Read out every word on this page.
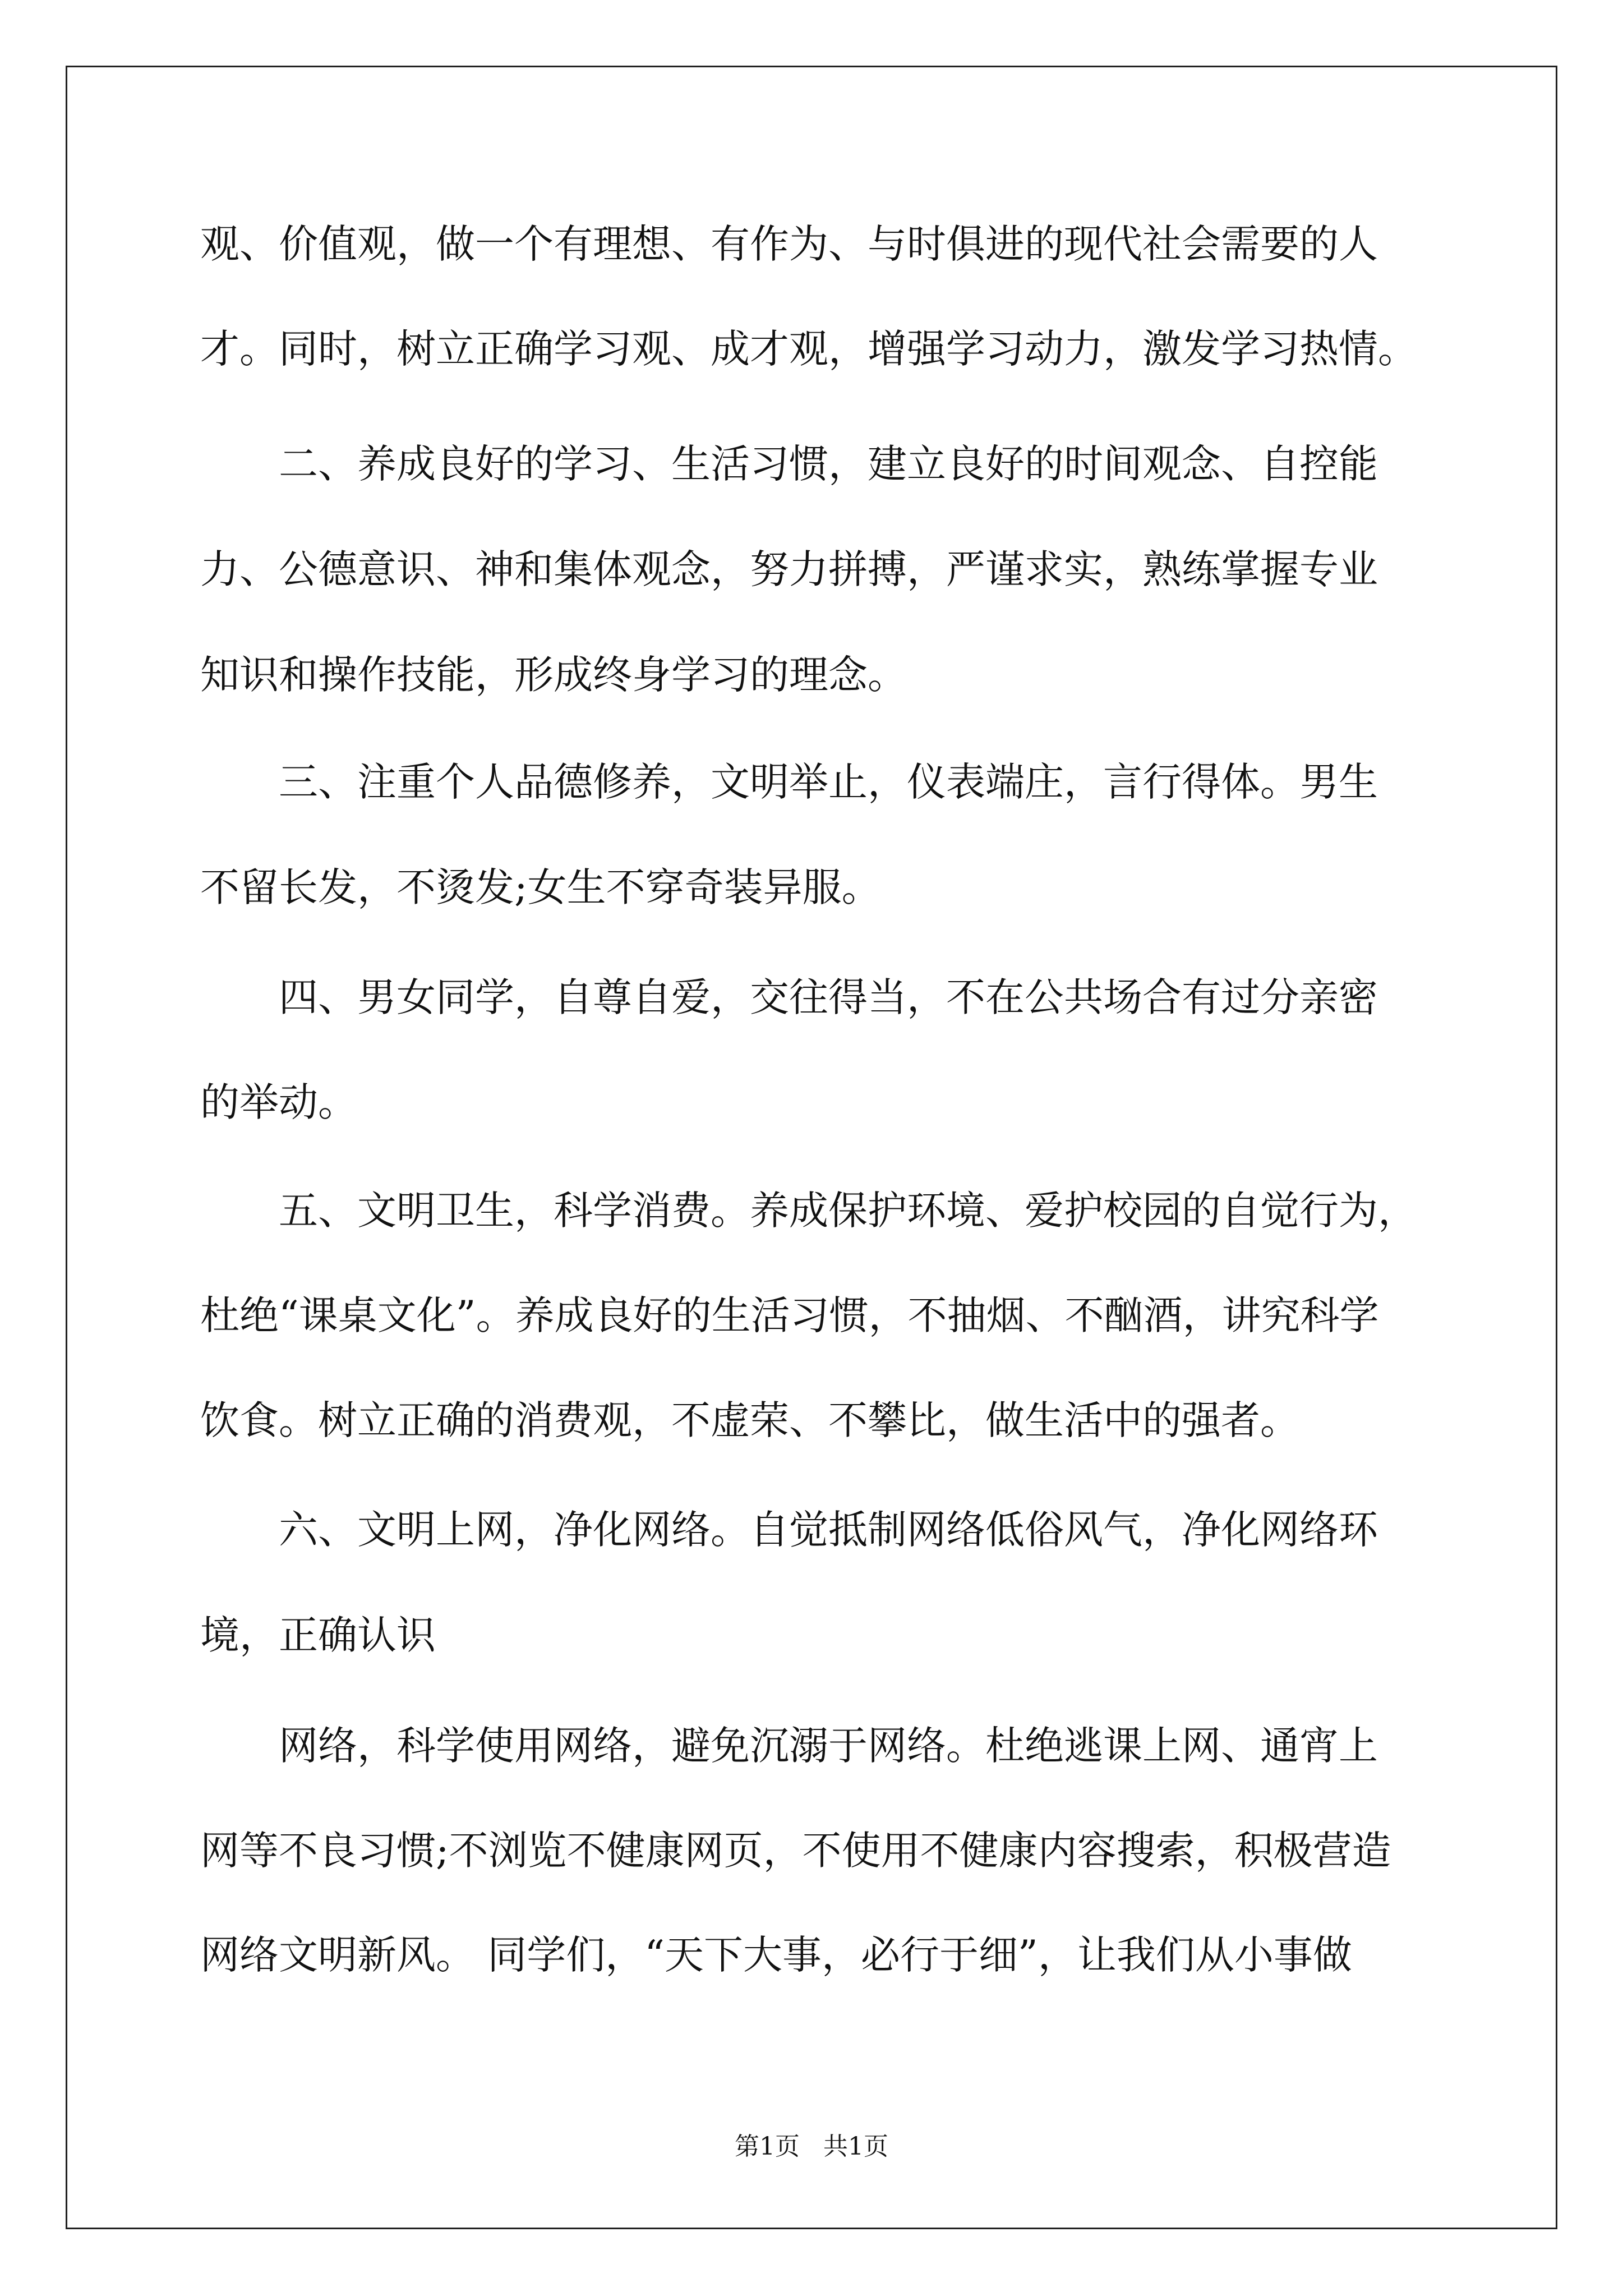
观、价值观，做一个有理想、有作为、与时俱进的现代社会需要的人
才。同时，树立正确学习观、成才观，增强学习动力，激发学习热情。
　　二、养成良好的学习、生活习惯，建立良好的时间观念、自控能
力、公德意识、神和集体观念，努力拼搏，严谨求实，熟练掌握专业
知识和操作技能，形成终身学习的理念。
　　三、注重个人品德修养，文明举止，仪表端庄，言行得体。男生
不留长发，不烫发;女生不穿奇装异服。
　　四、男女同学，自尊自爱，交往得当，不在公共场合有过分亲密
的举动。
　　五、文明卫生，科学消费。养成保护环境、爱护校园的自觉行为，
杜绝“课桌文化”。养成良好的生活习惯，不抽烟、不酗酒，讲究科学
饮食。树立正确的消费观，不虚荣、不攀比，做生活中的强者。
　　六、文明上网，净化网络。自觉抵制网络低俗风气，净化网络环
境，正确认识
　　网络，科学使用网络，避免沉溺于网络。杜绝逃课上网、通宵上
网等不良习惯;不浏览不健康网页，不使用不健康内容搜索，积极营造
网络文明新风。 同学们，“天下大事，必行于细”，让我们从小事做
第1页   共1页
